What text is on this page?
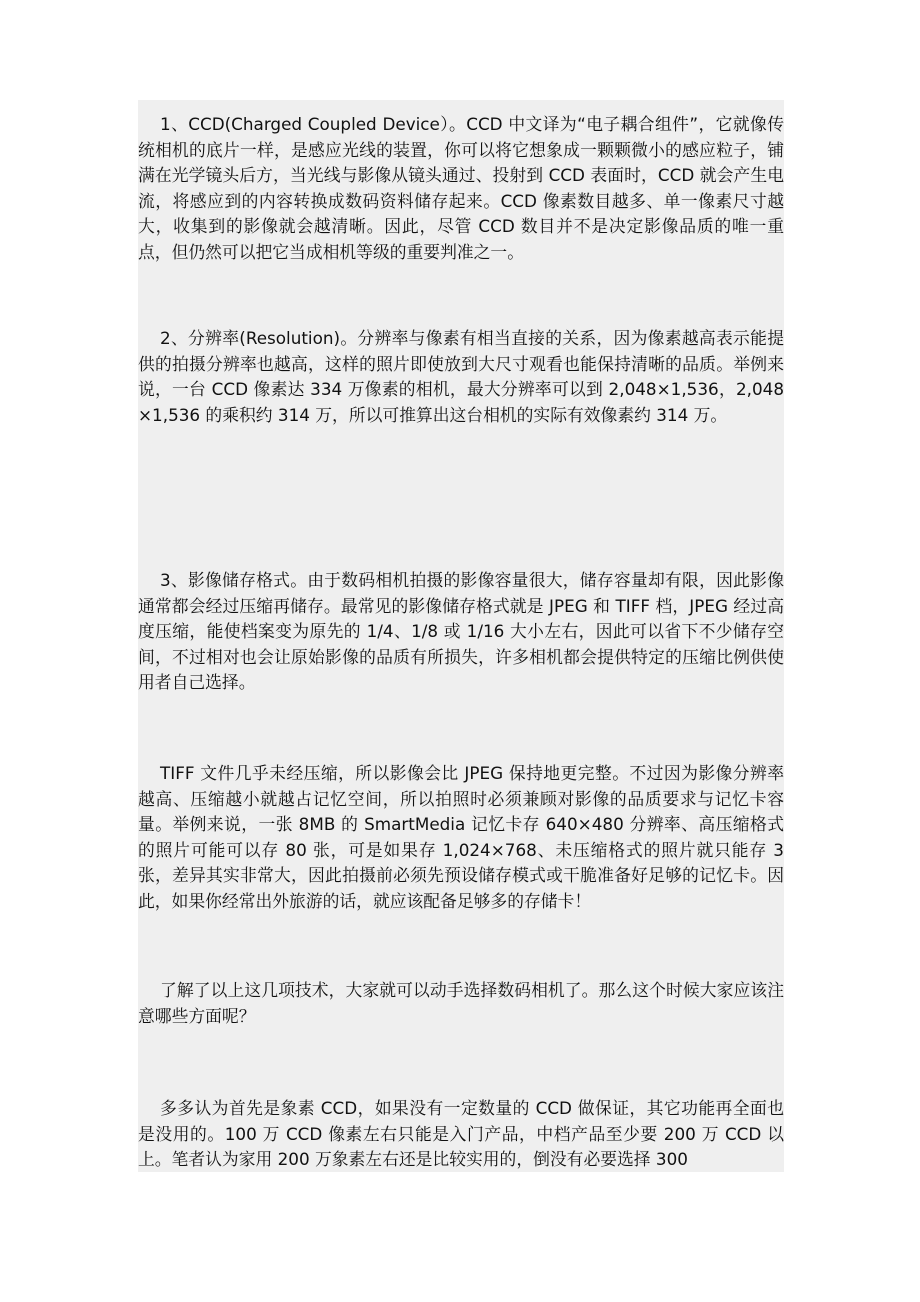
1、CCD(Charged Coupled Device）。CCD 中文译为“电子耦合组件”，它就像传统相机的底片一样，是感应光线的装置，你可以将它想象成一颗颗微小的感应粒子，铺满在光学镜头后方，当光线与影像从镜头通过、投射到 CCD 表面时，CCD 就会产生电流，将感应到的内容转换成数码资料储存起来。CCD 像素数目越多、单一像素尺寸越大，收集到的影像就会越清晰。因此，尽管 CCD 数目并不是决定影像品质的唯一重点，但仍然可以把它当成相机等级的重要判准之一。

2、分辨率(Resolution)。分辨率与像素有相当直接的关系，因为像素越高表示能提供的拍摄分辨率也越高，这样的照片即使放到大尺寸观看也能保持清晰的品质。举例来说，一台 CCD 像素达 334 万像素的相机，最大分辨率可以到 2,048×1,536，2,048×1,536 的乘积约 314 万，所以可推算出这台相机的实际有效像素约 314 万。

3、影像储存格式。由于数码相机拍摄的影像容量很大，储存容量却有限，因此影像通常都会经过压缩再储存。最常见的影像储存格式就是 JPEG 和 TIFF 档，JPEG 经过高度压缩，能使档案变为原先的 1/4、1/8 或 1/16 大小左右，因此可以省下不少储存空间，不过相对也会让原始影像的品质有所损失，许多相机都会提供特定的压缩比例供使用者自己选择。

TIFF 文件几乎未经压缩，所以影像会比 JPEG 保持地更完整。不过因为影像分辨率越高、压缩越小就越占记忆空间，所以拍照时必须兼顾对影像的品质要求与记忆卡容量。举例来说，一张 8MB 的 SmartMedia 记忆卡存 640×480 分辨率、高压缩格式的照片可能可以存 80 张，可是如果存 1,024×768、未压缩格式的照片就只能存 3 张，差异其实非常大，因此拍摄前必须先预设储存模式或干脆准备好足够的记忆卡。因此，如果你经常出外旅游的话，就应该配备足够多的存储卡！

了解了以上这几项技术，大家就可以动手选择数码相机了。那么这个时候大家应该注意哪些方面呢？

多多认为首先是象素 CCD，如果没有一定数量的 CCD 做保证，其它功能再全面也是没用的。100 万 CCD 像素左右只能是入门产品，中档产品至少要 200 万 CCD 以上。笔者认为家用 200 万象素左右还是比较实用的，倒没有必要选择 300
